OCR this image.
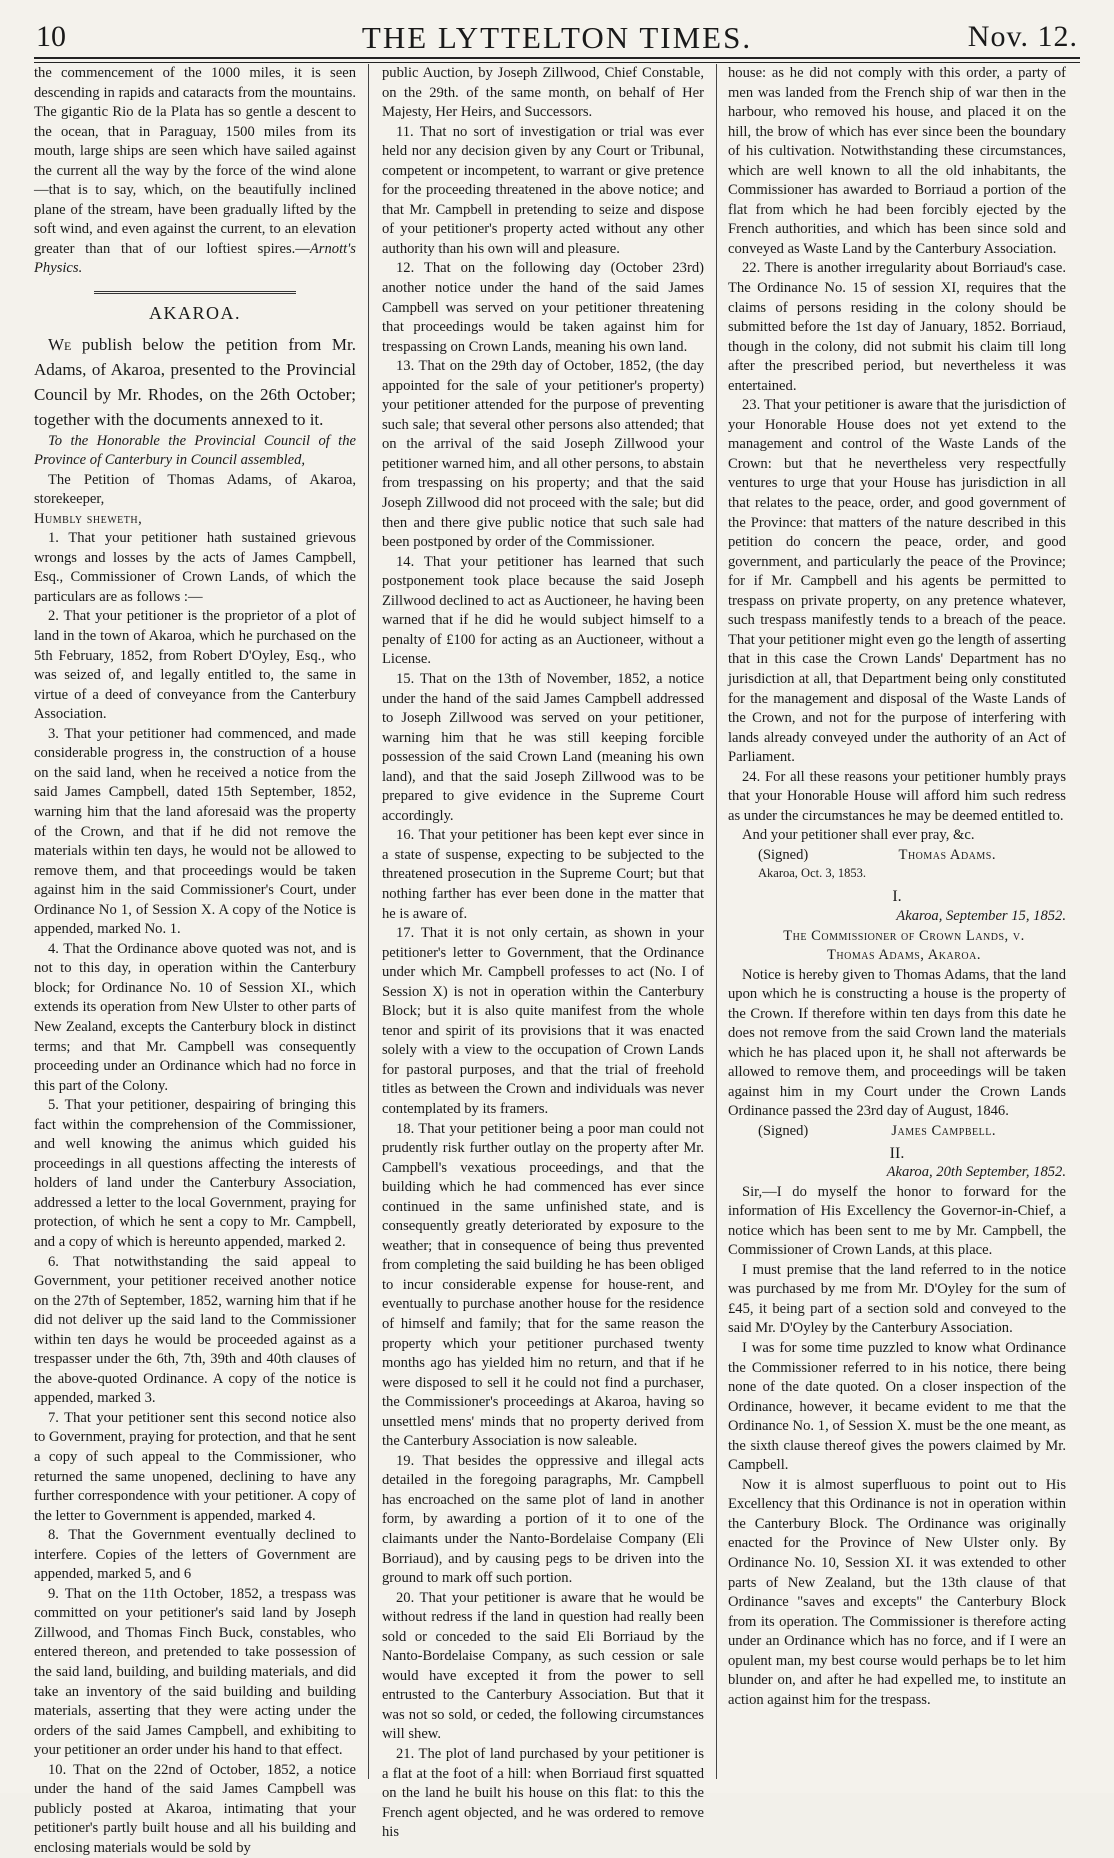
10	THE LYTTELTON TIMES.	Nov. 12.

the commencement of the 1000 miles, it is seen descending in rapids and cataracts from the mountains. The gigantic Rio de la Plata has so gentle a descent to the ocean, that in Paraguay, 1500 miles from its mouth, large ships are seen which have sailed against the current all the way by the force of the wind alone—that is to say, which, on the beautifully inclined plane of the stream, have been gradually lifted by the soft wind, and even against the current, to an elevation greater than that of our loftiest spires.—Arnott's Physics.

AKAROA.

We publish below the petition from Mr. Adams, of Akaroa, presented to the Provincial Council by Mr. Rhodes, on the 26th October; together with the documents annexed to it.

To the Honorable the Provincial Council of the Province of Canterbury in Council assembled,

The Petition of Thomas Adams, of Akaroa, storekeeper,

Humbly sheweth,

1. That your petitioner hath sustained grievous wrongs and losses by the acts of James Campbell, Esq., Commissioner of Crown Lands, of which the particulars are as follows :—

2. That your petitioner is the proprietor of a plot of land in the town of Akaroa, which he purchased on the 5th February, 1852, from Robert D'Oyley, Esq., who was seized of, and legally entitled to, the same in virtue of a deed of conveyance from the Canterbury Association.

3. That your petitioner had commenced, and made considerable progress in, the construction of a house on the said land, when he received a notice from the said James Campbell, dated 15th September, 1852, warning him that the land aforesaid was the property of the Crown, and that if he did not remove the materials within ten days, he would not be allowed to remove them, and that proceedings would be taken against him in the said Commissioner's Court, under Ordinance No 1, of Session X. A copy of the Notice is appended, marked No. 1.

4. That the Ordinance above quoted was not, and is not to this day, in operation within the Canterbury block; for Ordinance No. 10 of Session XI., which extends its operation from New Ulster to other parts of New Zealand, excepts the Canterbury block in distinct terms; and that Mr. Campbell was consequently proceeding under an Ordinance which had no force in this part of the Colony.

5. That your petitioner, despairing of bringing this fact within the comprehension of the Commissioner, and well knowing the animus which guided his proceedings in all questions affecting the interests of holders of land under the Canterbury Association, addressed a letter to the local Government, praying for protection, of which he sent a copy to Mr. Campbell, and a copy of which is hereunto appended, marked 2.

6. That notwithstanding the said appeal to Government, your petitioner received another notice on the 27th of September, 1852, warning him that if he did not deliver up the said land to the Commissioner within ten days he would be proceeded against as a trespasser under the 6th, 7th, 39th and 40th clauses of the above-quoted Ordinance. A copy of the notice is appended, marked 3.

7. That your petitioner sent this second notice also to Government, praying for protection, and that he sent a copy of such appeal to the Commissioner, who returned the same unopened, declining to have any further correspondence with your petitioner. A copy of the letter to Government is appended, marked 4.

8. That the Government eventually declined to interfere. Copies of the letters of Government are appended, marked 5, and 6

9. That on the 11th October, 1852, a trespass was committed on your petitioner's said land by Joseph Zillwood, and Thomas Finch Buck, constables, who entered thereon, and pretended to take possession of the said land, building, and building materials, and did take an inventory of the said building and building materials, asserting that they were acting under the orders of the said James Campbell, and exhibiting to your petitioner an order under his hand to that effect.

10. That on the 22nd of October, 1852, a notice under the hand of the said James Campbell was publicly posted at Akaroa, intimating that your petitioner's partly built house and all his building and enclosing materials would be sold by

public Auction, by Joseph Zillwood, Chief Constable, on the 29th. of the same month, on behalf of Her Majesty, Her Heirs, and Successors.

11. That no sort of investigation or trial was ever held nor any decision given by any Court or Tribunal, competent or incompetent, to warrant or give pretence for the proceeding threatened in the above notice; and that Mr. Campbell in pretending to seize and dispose of your petitioner's property acted without any other authority than his own will and pleasure.

12. That on the following day (October 23rd) another notice under the hand of the said James Campbell was served on your petitioner threatening that proceedings would be taken against him for trespassing on Crown Lands, meaning his own land.

13. That on the 29th day of October, 1852, (the day appointed for the sale of your petitioner's property) your petitioner attended for the purpose of preventing such sale; that several other persons also attended; that on the arrival of the said Joseph Zillwood your petitioner warned him, and all other persons, to abstain from trespassing on his property; and that the said Joseph Zillwood did not proceed with the sale; but did then and there give public notice that such sale had been postponed by order of the Commissioner.

14. That your petitioner has learned that such postponement took place because the said Joseph Zillwood declined to act as Auctioneer, he having been warned that if he did he would subject himself to a penalty of £100 for acting as an Auctioneer, without a License.

15. That on the 13th of November, 1852, a notice under the hand of the said James Campbell addressed to Joseph Zillwood was served on your petitioner, warning him that he was still keeping forcible possession of the said Crown Land (meaning his own land), and that the said Joseph Zillwood was to be prepared to give evidence in the Supreme Court accordingly.

16. That your petitioner has been kept ever since in a state of suspense, expecting to be subjected to the threatened prosecution in the Supreme Court; but that nothing farther has ever been done in the matter that he is aware of.

17. That it is not only certain, as shown in your petitioner's letter to Government, that the Ordinance under which Mr. Campbell professes to act (No. I of Session X) is not in operation within the Canterbury Block; but it is also quite manifest from the whole tenor and spirit of its provisions that it was enacted solely with a view to the occupation of Crown Lands for pastoral purposes, and that the trial of freehold titles as between the Crown and individuals was never contemplated by its framers.

18. That your petitioner being a poor man could not prudently risk further outlay on the property after Mr. Campbell's vexatious proceedings, and that the building which he had commenced has ever since continued in the same unfinished state, and is consequently greatly deteriorated by exposure to the weather; that in consequence of being thus prevented from completing the said building he has been obliged to incur considerable expense for house-rent, and eventually to purchase another house for the residence of himself and family; that for the same reason the property which your petitioner purchased twenty months ago has yielded him no return, and that if he were disposed to sell it he could not find a purchaser, the Commissioner's proceedings at Akaroa, having so unsettled mens' minds that no property derived from the Canterbury Association is now saleable.

19. That besides the oppressive and illegal acts detailed in the foregoing paragraphs, Mr. Campbell has encroached on the same plot of land in another form, by awarding a portion of it to one of the claimants under the Nanto-Bordelaise Company (Eli Borriaud), and by causing pegs to be driven into the ground to mark off such portion.

20. That your petitioner is aware that he would be without redress if the land in question had really been sold or conceded to the said Eli Borriaud by the Nanto-Bordelaise Company, as such cession or sale would have excepted it from the power to sell entrusted to the Canterbury Association. But that it was not so sold, or ceded, the following circumstances will shew.

21. The plot of land purchased by your petitioner is a flat at the foot of a hill: when Borriaud first squatted on the land he built his house on this flat: to this the French agent objected, and he was ordered to remove his

house: as he did not comply with this order, a party of men was landed from the French ship of war then in the harbour, who removed his house, and placed it on the hill, the brow of which has ever since been the boundary of his cultivation. Notwithstanding these circumstances, which are well known to all the old inhabitants, the Commissioner has awarded to Borriaud a portion of the flat from which he had been forcibly ejected by the French authorities, and which has been since sold and conveyed as Waste Land by the Canterbury Association.

22. There is another irregularity about Borriaud's case. The Ordinance No. 15 of session XI, requires that the claims of persons residing in the colony should be submitted before the 1st day of January, 1852. Borriaud, though in the colony, did not submit his claim till long after the prescribed period, but nevertheless it was entertained.

23. That your petitioner is aware that the jurisdiction of your Honorable House does not yet extend to the management and control of the Waste Lands of the Crown: but that he nevertheless very respectfully ventures to urge that your House has jurisdiction in all that relates to the peace, order, and good government of the Province: that matters of the nature described in this petition do concern the peace, order, and good government, and particularly the peace of the Province; for if Mr. Campbell and his agents be permitted to trespass on private property, on any pretence whatever, such trespass manifestly tends to a breach of the peace. That your petitioner might even go the length of asserting that in this case the Crown Lands' Department has no jurisdiction at all, that Department being only constituted for the management and disposal of the Waste Lands of the Crown, and not for the purpose of interfering with lands already conveyed under the authority of an Act of Parliament.

24. For all these reasons your petitioner humbly prays that your Honorable House will afford him such redress as under the circumstances he may be deemed entitled to.

And your petitioner shall ever pray, &c.

(Signed)	Thomas Adams.

Akaroa, Oct. 3, 1853.

I.

Akaroa, September 15, 1852.

The Commissioner of Crown Lands, v.

Thomas Adams, Akaroa.

Notice is hereby given to Thomas Adams, that the land upon which he is constructing a house is the property of the Crown. If therefore within ten days from this date he does not remove from the said Crown land the materials which he has placed upon it, he shall not afterwards be allowed to remove them, and proceedings will be taken against him in my Court under the Crown Lands Ordinance passed the 23rd day of August, 1846.

(Signed)	James Campbell.

II.

Akaroa, 20th September, 1852.

Sir,—I do myself the honor to forward for the information of His Excellency the Governor-in-Chief, a notice which has been sent to me by Mr. Campbell, the Commissioner of Crown Lands, at this place.

I must premise that the land referred to in the notice was purchased by me from Mr. D'Oyley for the sum of £45, it being part of a section sold and conveyed to the said Mr. D'Oyley by the Canterbury Association.

I was for some time puzzled to know what Ordinance the Commissioner referred to in his notice, there being none of the date quoted. On a closer inspection of the Ordinance, however, it became evident to me that the Ordinance No. 1, of Session X. must be the one meant, as the sixth clause thereof gives the powers claimed by Mr. Campbell.

Now it is almost superfluous to point out to His Excellency that this Ordinance is not in operation within the Canterbury Block. The Ordinance was originally enacted for the Province of New Ulster only. By Ordinance No. 10, Session XI. it was extended to other parts of New Zealand, but the 13th clause of that Ordinance "saves and excepts" the Canterbury Block from its operation. The Commissioner is therefore acting under an Ordinance which has no force, and if I were an opulent man, my best course would perhaps be to let him blunder on, and after he had expelled me, to institute an action against him for the trespass.
